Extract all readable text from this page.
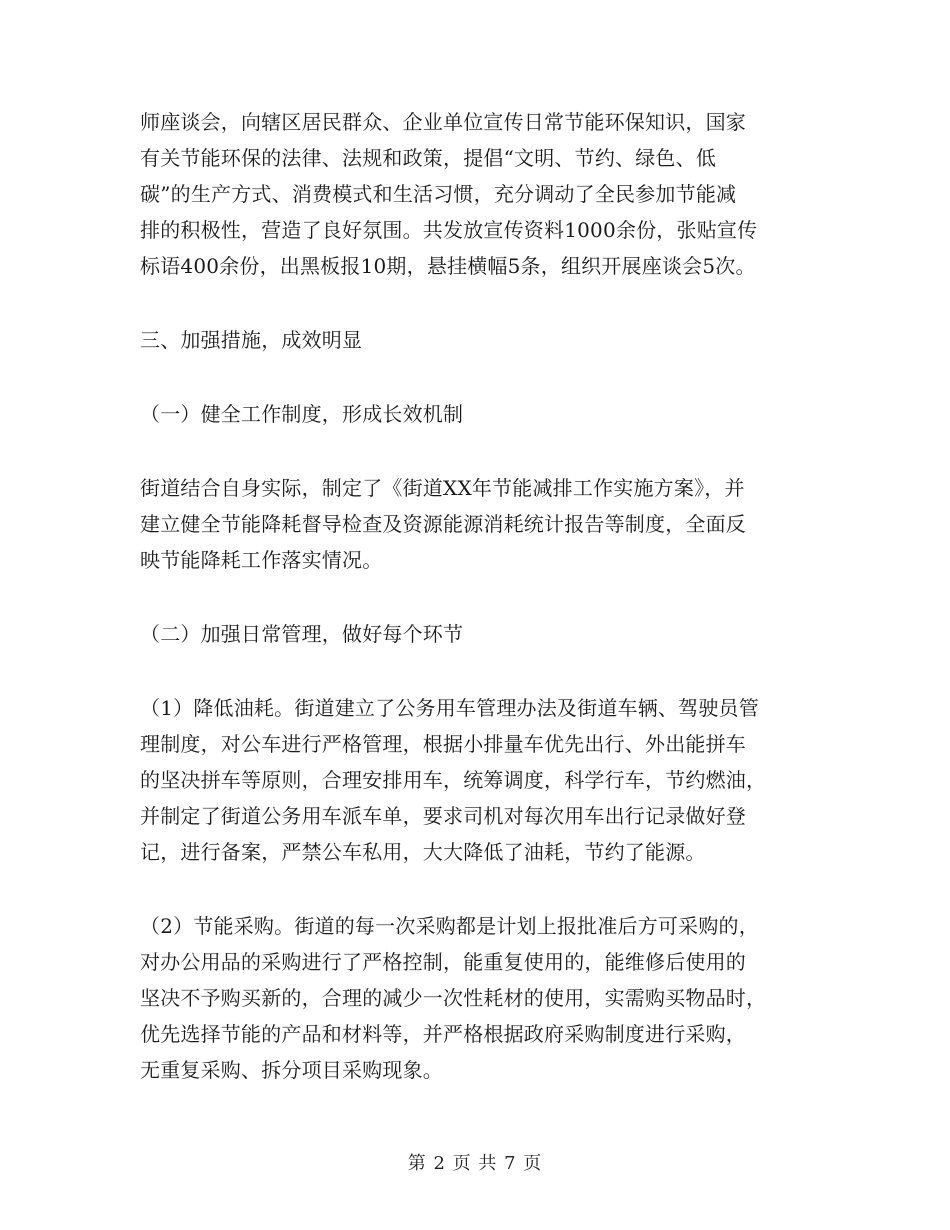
师座谈会，向辖区居民群众、企业单位宣传日常节能环保知识，国家
有关节能环保的法律、法规和政策，提倡“文明、节约、绿色、低
碳”的生产方式、消费模式和生活习惯，充分调动了全民参加节能减
排的积极性，营造了良好氛围。共发放宣传资料1000余份，张贴宣传
标语400余份，出黑板报10期，悬挂横幅5条，组织开展座谈会5次。
三、加强措施，成效明显
（一）健全工作制度，形成长效机制
街道结合自身实际，制定了《街道XX年节能减排工作实施方案》，并
建立健全节能降耗督导检查及资源能源消耗统计报告等制度，全面反
映节能降耗工作落实情况。
（二）加强日常管理，做好每个环节
（1）降低油耗。街道建立了公务用车管理办法及街道车辆、驾驶员管
理制度，对公车进行严格管理，根据小排量车优先出行、外出能拼车
的坚决拼车等原则，合理安排用车，统筹调度，科学行车，节约燃油，
并制定了街道公务用车派车单，要求司机对每次用车出行记录做好登
记，进行备案，严禁公车私用，大大降低了油耗，节约了能源。
（2）节能采购。街道的每一次采购都是计划上报批准后方可采购的，
对办公用品的采购进行了严格控制，能重复使用的，能维修后使用的
坚决不予购买新的，合理的减少一次性耗材的使用，实需购买物品时，
优先选择节能的产品和材料等，并严格根据政府采购制度进行采购，
无重复采购、拆分项目采购现象。
第 2 页 共 7 页
